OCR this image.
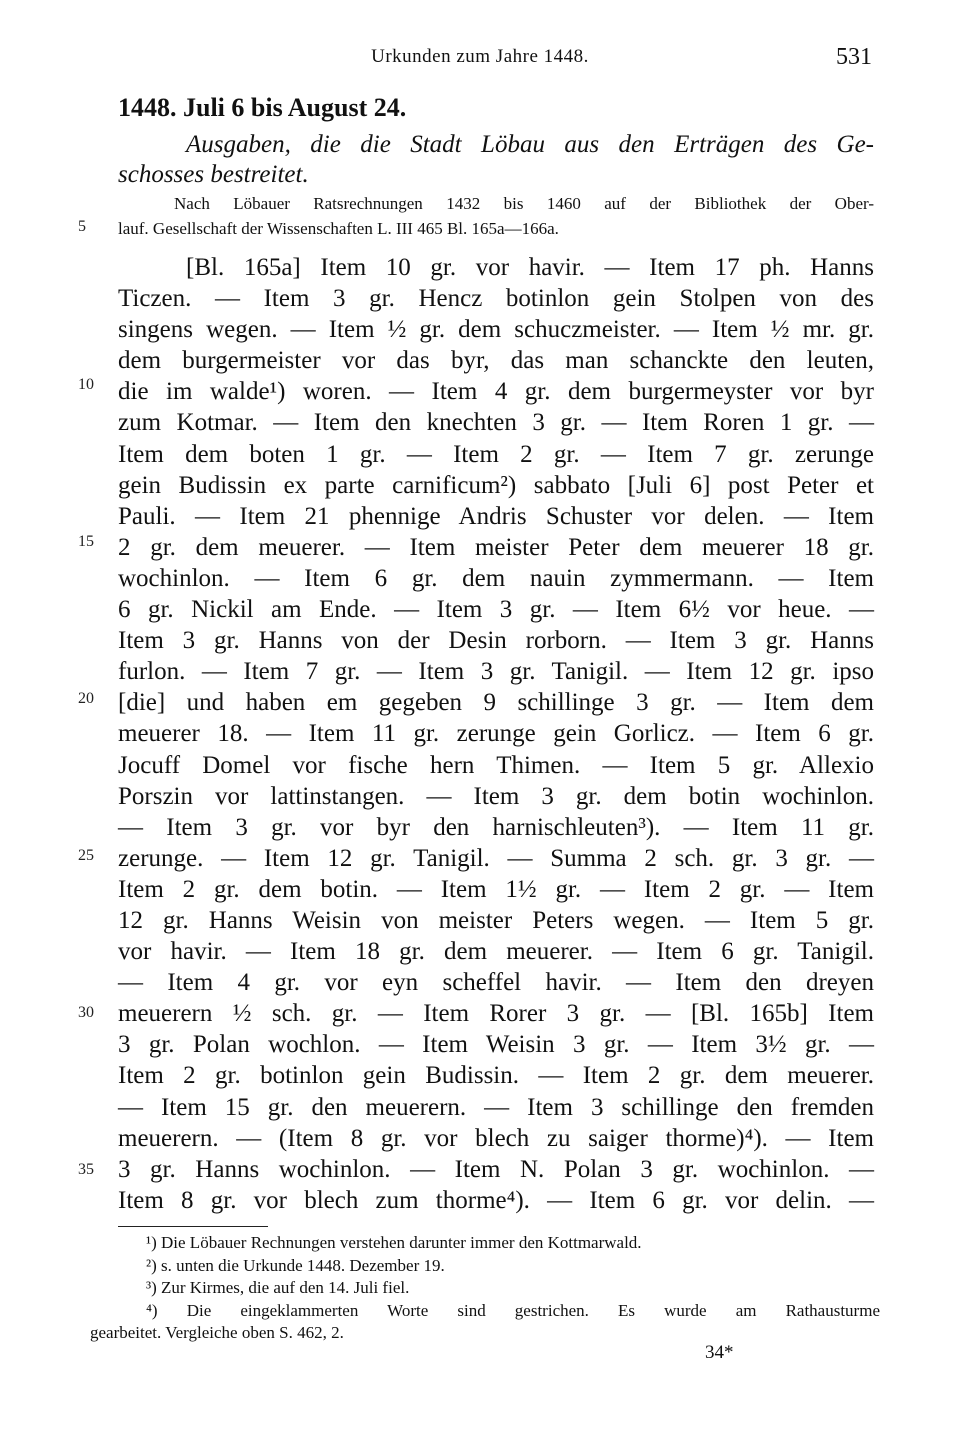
Urkunden zum Jahre 1448.	531
1448. Juli 6 bis August 24.
Ausgaben, die die Stadt Löbau aus den Erträgen des Ge-
schosses bestreitet.
Nach Löbauer Ratsrechnungen 1432 bis 1460 auf der Bibliothek der Ober-
lauf. Gesellschaft der Wissenschaften L. III 465 Bl. 165a—166a.
5
10
15
20
25
30
35
[Bl. 165a] Item 10 gr. vor havir. — Item 17 ph. Hanns
Ticzen. — Item 3 gr. Hencz botinlon gein Stolpen von des
singens wegen. — Item ½ gr. dem schuczmeister. — Item ½ mr. gr.
dem burgermeister vor das byr, das man schanckte den leuten,
die im walde¹) woren. — Item 4 gr. dem burgermeyster vor byr
zum Kotmar. — Item den knechten 3 gr. — Item Roren 1 gr. —
Item dem boten 1 gr. — Item 2 gr. — Item 7 gr. zerunge
gein Budissin ex parte carnificum²) sabbato [Juli 6] post Peter et
Pauli. — Item 21 phennige Andris Schuster vor delen. — Item
2 gr. dem meuerer. — Item meister Peter dem meuerer 18 gr.
wochinlon. — Item 6 gr. dem nauin zymmermann. — Item
6 gr. Nickil am Ende. — Item 3 gr. — Item 6½ vor heue. —
Item 3 gr. Hanns von der Desin rorborn. — Item 3 gr. Hanns
furlon. — Item 7 gr. — Item 3 gr. Tanigil. — Item 12 gr. ipso
[die] und haben em gegeben 9 schillinge 3 gr. — Item dem
meuerer 18. — Item 11 gr. zerunge gein Gorlicz. — Item 6 gr.
Jocuff Domel vor fische hern Thimen. — Item 5 gr. Allexio
Porszin vor lattinstangen. — Item 3 gr. dem botin wochinlon.
— Item 3 gr. vor byr den harnischleuten³). — Item 11 gr.
zerunge. — Item 12 gr. Tanigil. — Summa 2 sch. gr. 3 gr. —
Item 2 gr. dem botin. — Item 1½ gr. — Item 2 gr. — Item
12 gr. Hanns Weisin von meister Peters wegen. — Item 5 gr.
vor havir. — Item 18 gr. dem meuerer. — Item 6 gr. Tanigil.
— Item 4 gr. vor eyn scheffel havir. — Item den dreyen
meuerern ½ sch. gr. — Item Rorer 3 gr. — [Bl. 165b] Item
3 gr. Polan wochlon. — Item Weisin 3 gr. — Item 3½ gr. —
Item 2 gr. botinlon gein Budissin. — Item 2 gr. dem meuerer.
— Item 15 gr. den meuerern. — Item 3 schillinge den fremden
meuerern. — (Item 8 gr. vor blech zu saiger thorme)⁴). — Item
3 gr. Hanns wochinlon. — Item N. Polan 3 gr. wochinlon. —
Item 8 gr. vor blech zum thorme⁴). — Item 6 gr. vor delin. —
¹) Die Löbauer Rechnungen verstehen darunter immer den Kottmarwald.
²) s. unten die Urkunde 1448. Dezember 19.
³) Zur Kirmes, die auf den 14. Juli fiel.
⁴) Die eingeklammerten Worte sind gestrichen. Es wurde am Rathausturme
gearbeitet. Vergleiche oben S. 462, 2.
34*
